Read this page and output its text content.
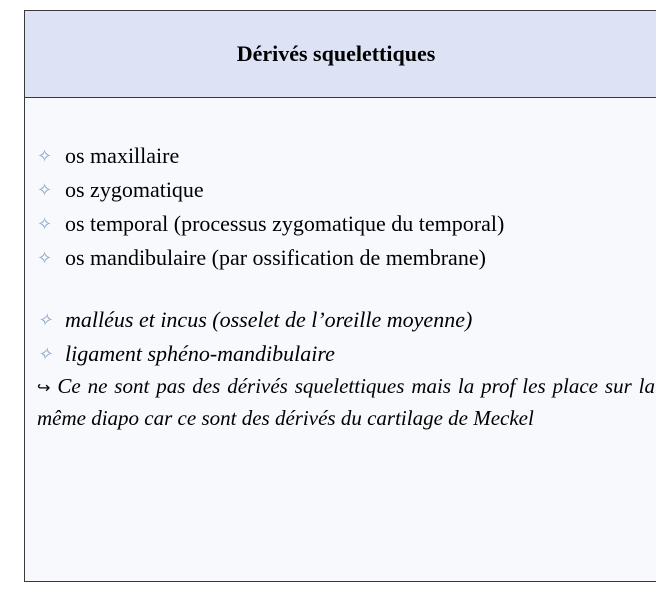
Dérivés squelettiques
✧ os maxillaire
✧ os zygomatique
✧ os temporal (processus zygomatique du temporal)
✧ os mandibulaire (par ossification de membrane)
✧ malléus et incus (osselet de l’oreille moyenne)
✧ ligament sphéno-mandibulaire
↪ Ce ne sont pas des dérivés squelettiques mais la prof les place sur la même diapo car ce sont des dérivés du cartilage de Meckel
